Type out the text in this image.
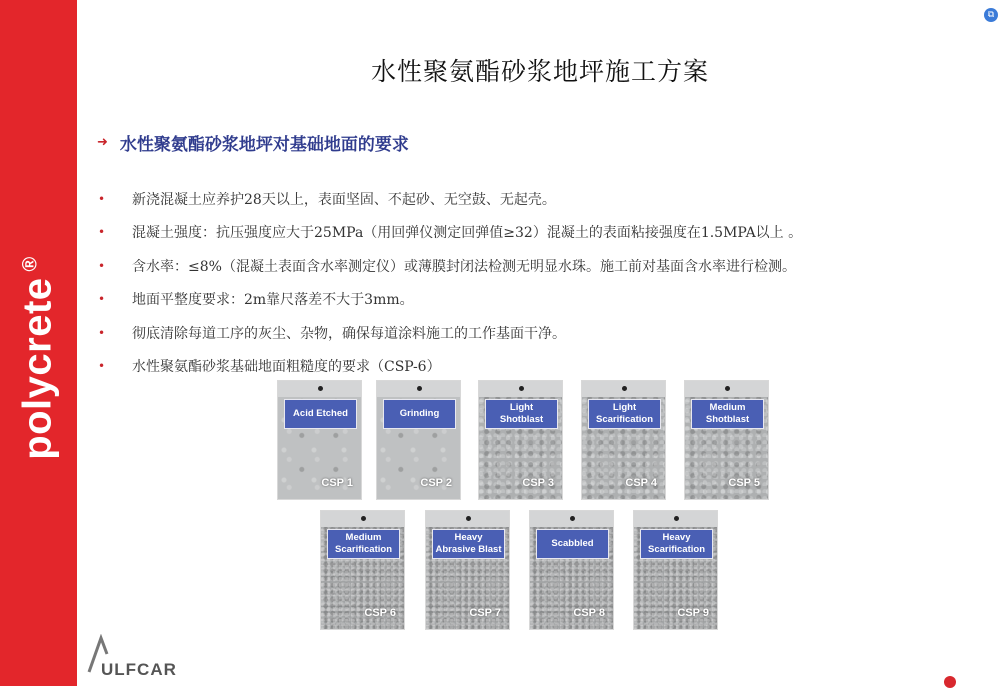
polycrete®
⧉
水性聚氨酯砂浆地坪施工方案
➜ 水性聚氨酯砂浆地坪对基础地面的要求
•	新浇混凝土应养护28天以上，表面坚固、不起砂、无空鼓、无起壳。
•	混凝土强度：抗压强度应大于25MPa（用回弹仪测定回弹值≥32）混凝土的表面粘接强度在1.5MPA以上 。
•	含水率：≤8%（混凝土表面含水率测定仪）或薄膜封闭法检测无明显水珠。施工前对基面含水率进行检测。
•	地面平整度要求：2m靠尺落差不大于3mm。
•	彻底清除每道工序的灰尘、杂物，确保每道涂料施工的工作基面干净。
•	水性聚氨酯砂浆基础地面粗糙度的要求（CSP-6）
Acid Etched
CSP 1
Grinding
CSP 2
Light
Shotblast
CSP 3
Light
Scarification
CSP 4
Medium
Shotblast
CSP 5
Medium
Scarification
CSP 6
Heavy
Abrasive Blast
CSP 7
Scabbled
CSP 8
Heavy
Scarification
CSP 9
ULFCAR
